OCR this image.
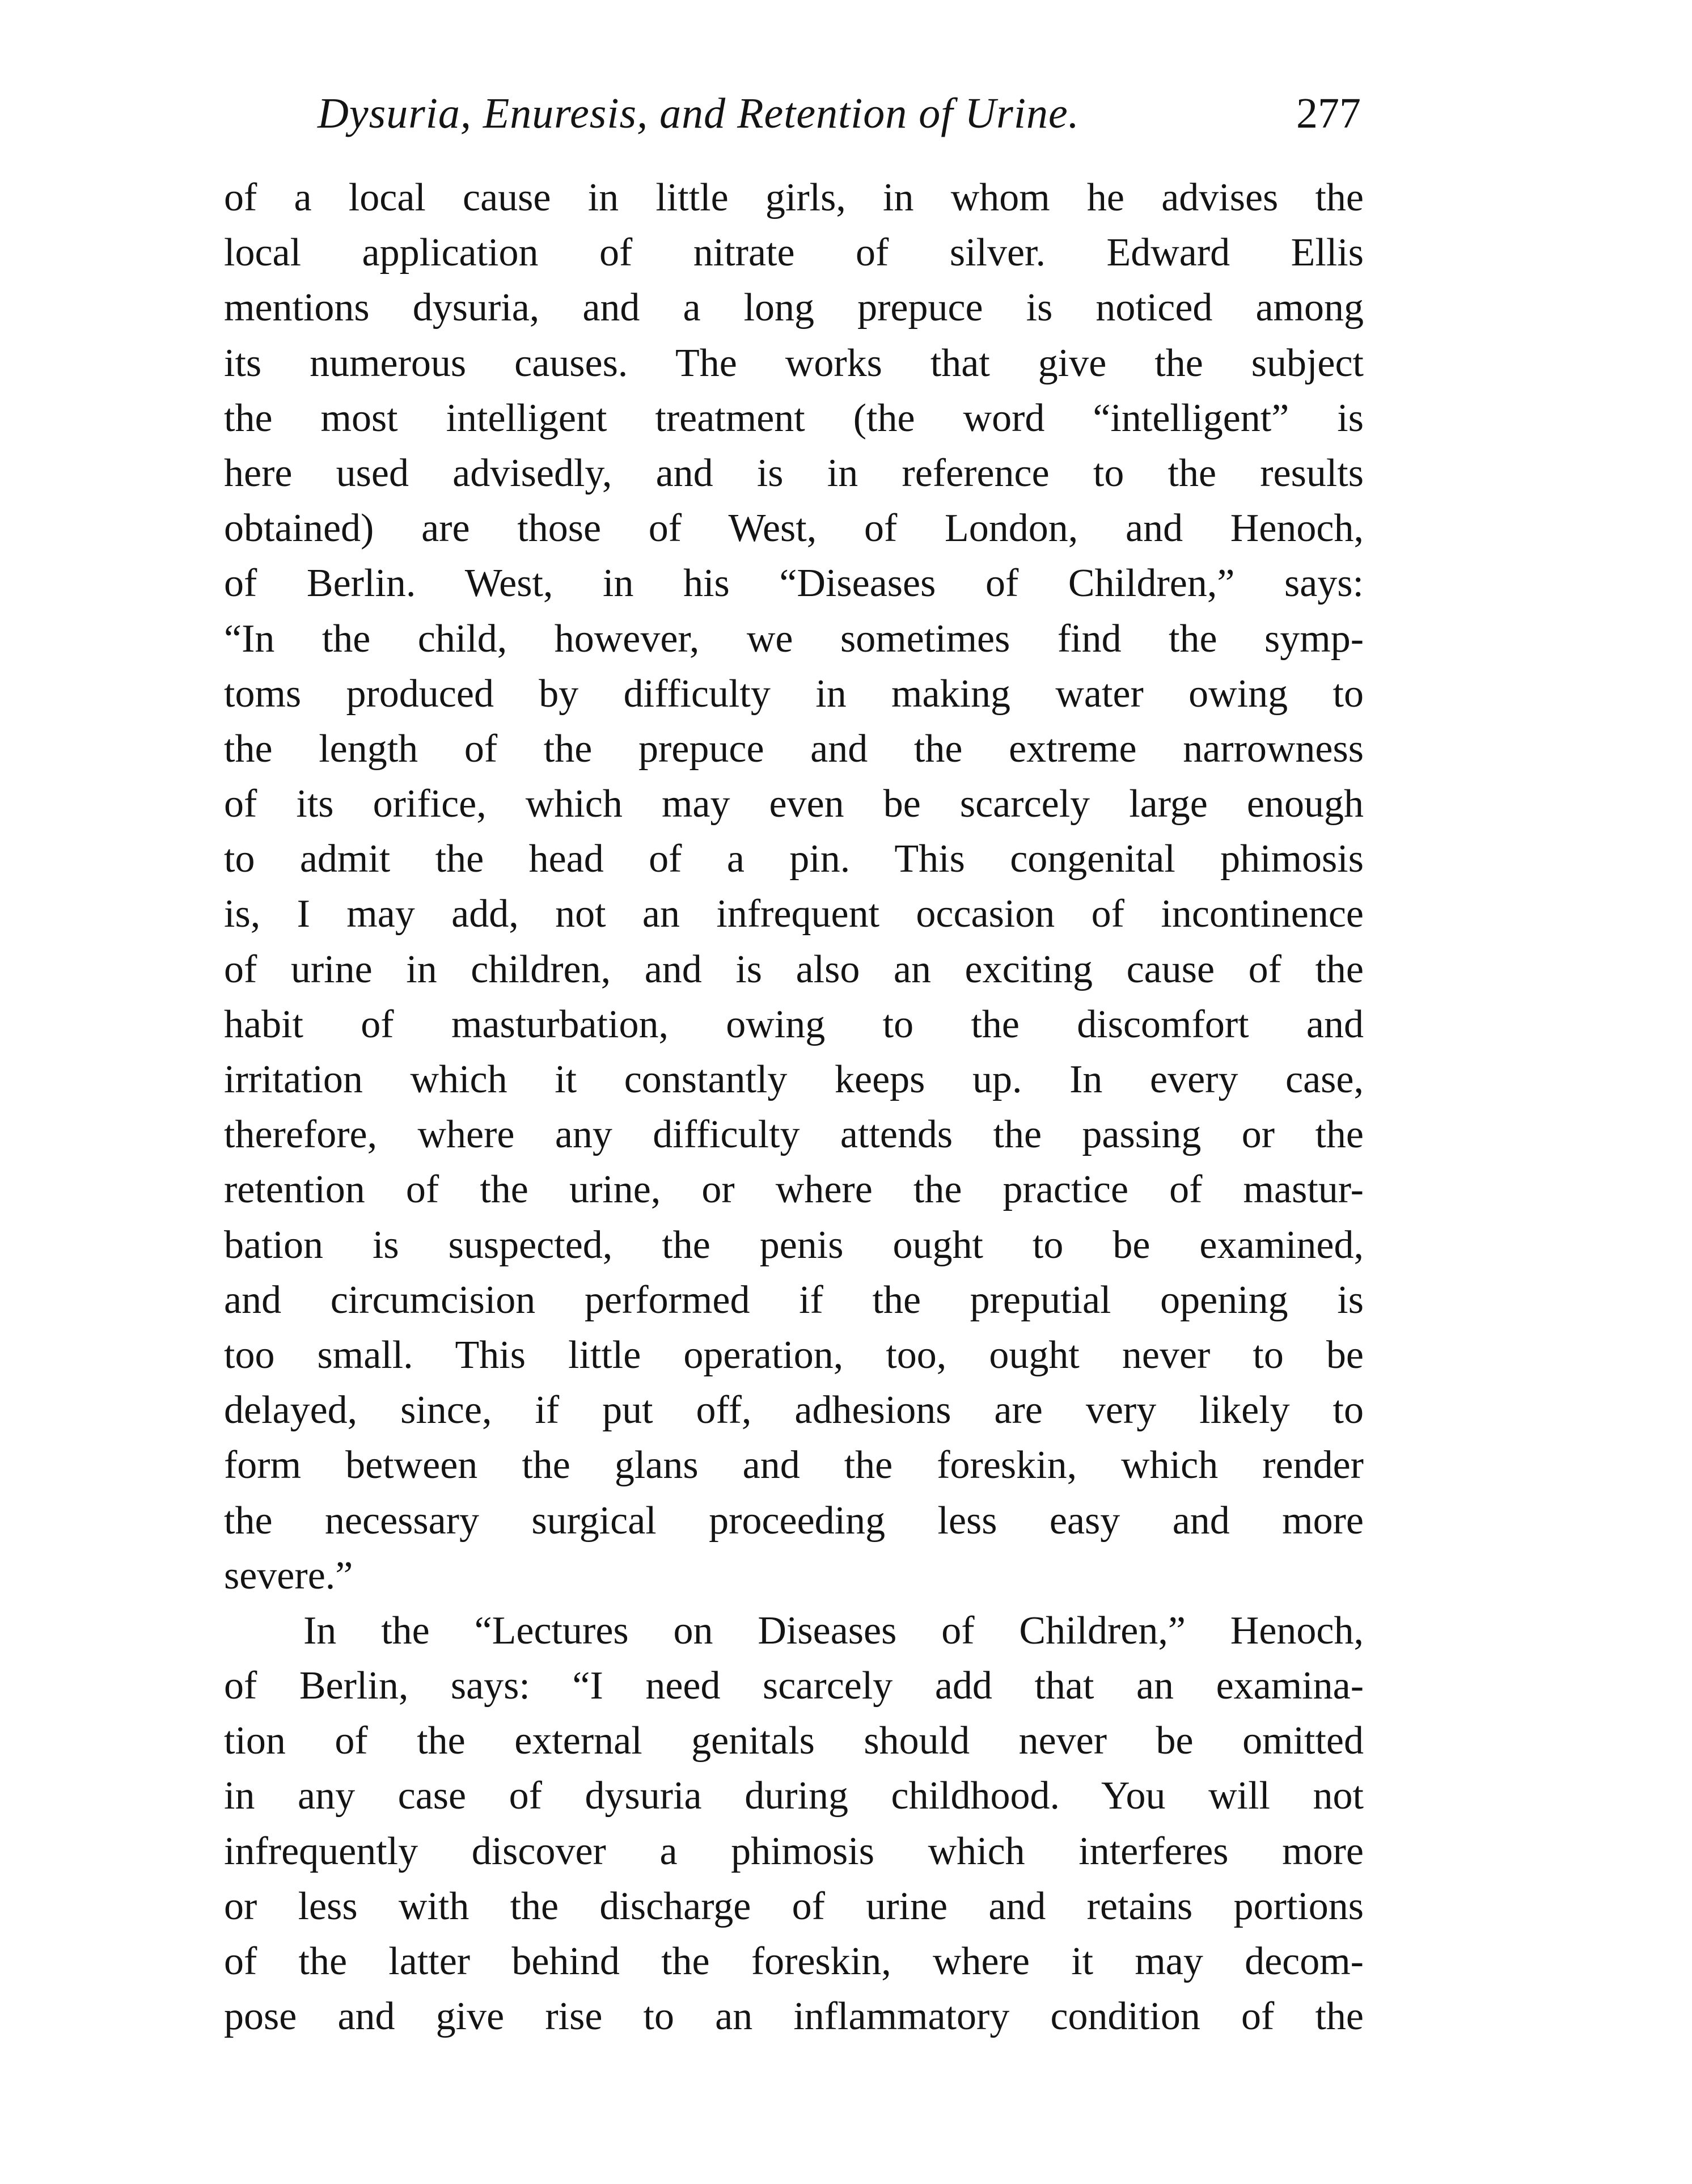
Dysuria, Enuresis, and Retention of Urine.	277
of a local cause in little girls, in whom he advises the
local application of nitrate of silver. Edward Ellis
mentions dysuria, and a long prepuce is noticed among
its numerous causes. The works that give the subject
the most intelligent treatment (the word “intelligent” is
here used advisedly, and is in reference to the results
obtained) are those of West, of London, and Henoch,
of Berlin. West, in his “Diseases of Children,” says:
“In the child, however, we sometimes find the symp-
toms produced by difficulty in making water owing to
the length of the prepuce and the extreme narrowness
of its orifice, which may even be scarcely large enough
to admit the head of a pin. This congenital phimosis
is, I may add, not an infrequent occasion of incontinence
of urine in children, and is also an exciting cause of the
habit of masturbation, owing to the discomfort and
irritation which it constantly keeps up. In every case,
therefore, where any difficulty attends the passing or the
retention of the urine, or where the practice of mastur-
bation is suspected, the penis ought to be examined,
and circumcision performed if the preputial opening is
too small. This little operation, too, ought never to be
delayed, since, if put off, adhesions are very likely to
form between the glans and the foreskin, which render
the necessary surgical proceeding less easy and more
severe.”
In the “Lectures on Diseases of Children,” Henoch,
of Berlin, says: “I need scarcely add that an examina-
tion of the external genitals should never be omitted
in any case of dysuria during childhood. You will not
infrequently discover a phimosis which interferes more
or less with the discharge of urine and retains portions
of the latter behind the foreskin, where it may decom-
pose and give rise to an inflammatory condition of the
